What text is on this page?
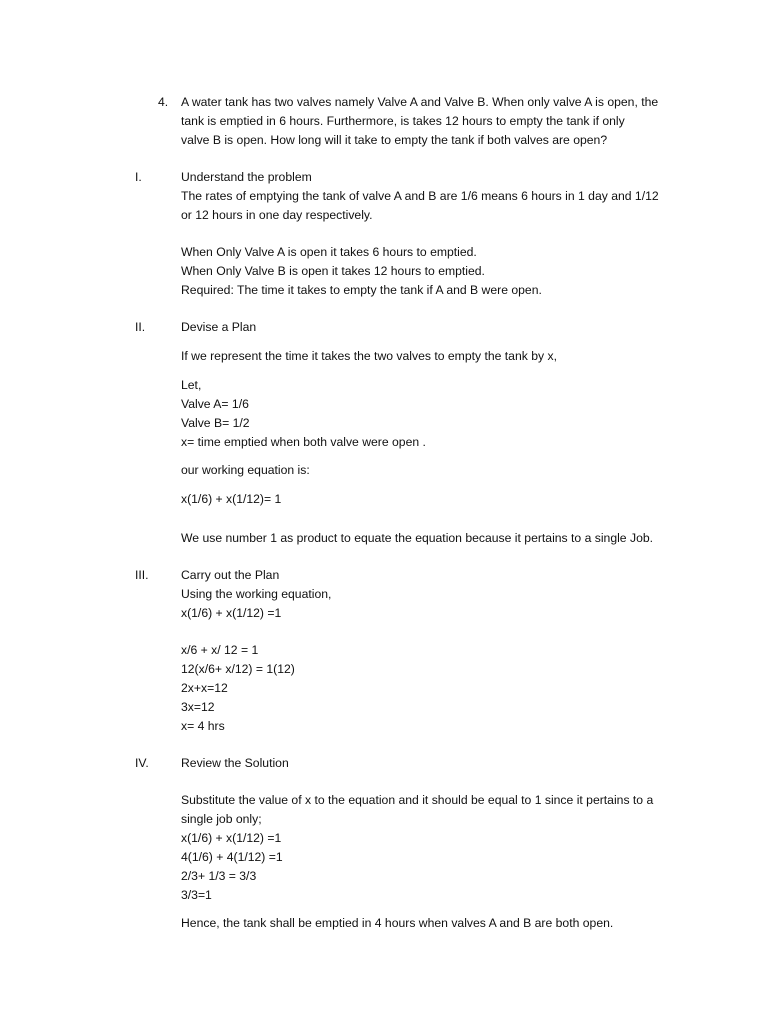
4. A water tank has two valves namely Valve A and Valve B. When only valve A is open, the
tank is emptied in 6 hours. Furthermore, is takes 12 hours to empty the tank if only
valve B is open. How long will it take to empty the tank if both valves are open?
I.	Understand the problem
The rates of emptying the tank of valve A and B are 1/6 means 6 hours in 1 day and 1/12
or 12 hours in one day respectively.
When Only Valve A is open it takes 6 hours to emptied.
When Only Valve B is open it takes 12 hours to emptied.
Required: The time it takes to empty the tank if A and B were open.
II.	Devise a Plan
If we represent the time it takes the two valves to empty the tank by x,
Let,
Valve A= 1/6
Valve B= 1/2
x= time emptied when both valve were open .
our working equation is:
x(1/6) + x(1/12)= 1
We use number 1 as product to equate the equation because it pertains to a single Job.
III.	Carry out the Plan
Using the working equation,
x(1/6) + x(1/12) =1
x/6 + x/ 12 = 1
12(x/6+ x/12) = 1(12)
2x+x=12
3x=12
x= 4 hrs
IV.	Review the Solution
Substitute the value of x to the equation and it should be equal to 1 since it pertains to a
single job only;
x(1/6) + x(1/12) =1
4(1/6) + 4(1/12) =1
2/3+ 1/3 = 3/3
3/3=1
Hence, the tank shall be emptied in 4 hours when valves A and B are both open.
